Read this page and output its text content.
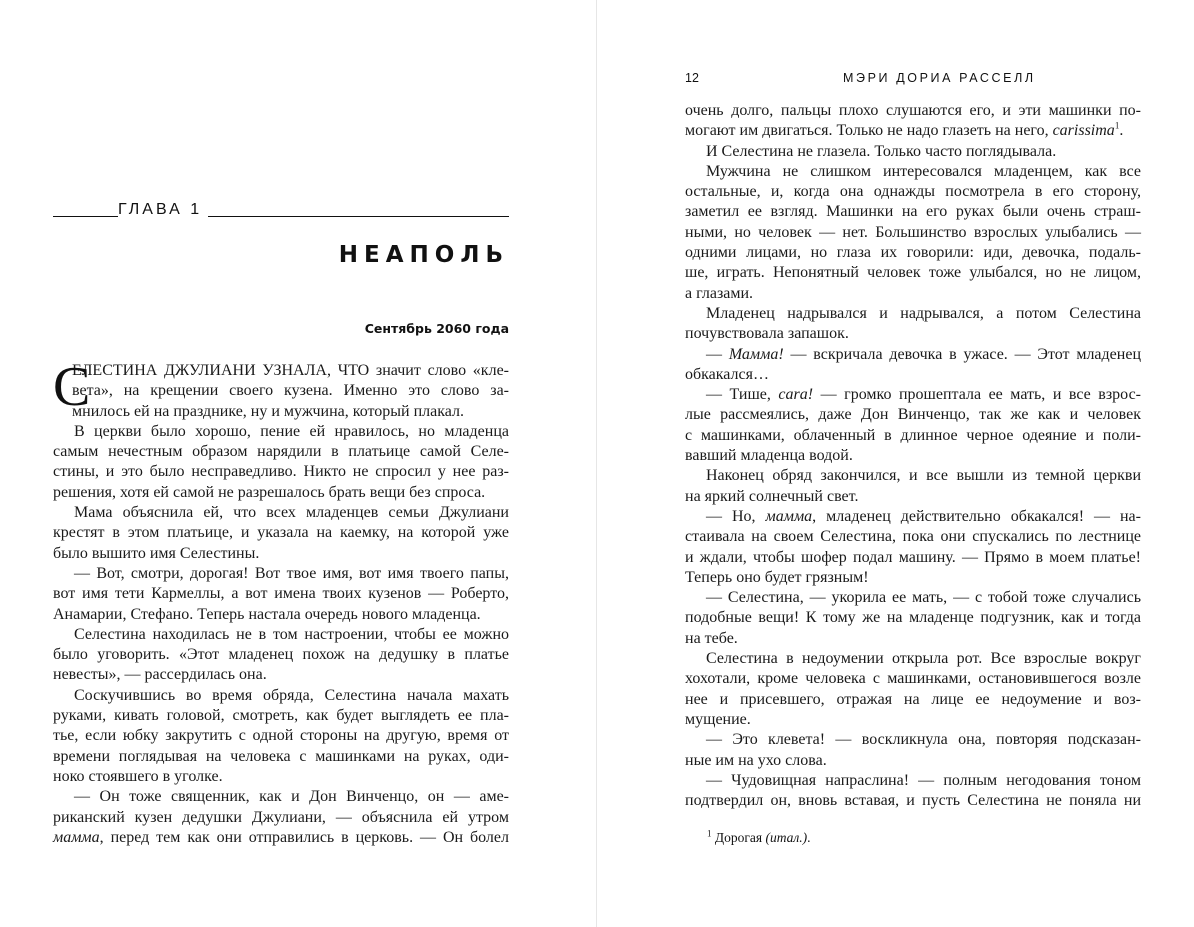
ГЛАВА 1
НЕАПОЛЬ
Сентябрь 2060 года
С
ЕЛЕСТИНА ДЖУЛИАНИ УЗНАЛА, ЧТО значит слово «кле-
вета», на крещении своего кузена. Именно это слово за-
мнилось ей на празднике, ну и мужчина, который плакал.
В церкви было хорошо, пение ей нравилось, но младенца
самым нечестным образом нарядили в платьице самой Селе-
стины, и это было несправедливо. Никто не спросил у нее раз-
решения, хотя ей самой не разрешалось брать вещи без спроса.
Мама объяснила ей, что всех младенцев семьи Джулиани
крестят в этом платьице, и указала на каемку, на которой уже
было вышито имя Селестины.
— Вот, смотри, дорогая! Вот твое имя, вот имя твоего папы,
вот имя тети Кармеллы, а вот имена твоих кузенов — Роберто,
Анамарии, Стефано. Теперь настала очередь нового младенца.
Селестина находилась не в том настроении, чтобы ее можно
было уговорить. «Этот младенец похож на дедушку в платье
невесты», — рассердилась она.
Соскучившись во время обряда, Селестина начала махать
руками, кивать головой, смотреть, как будет выглядеть ее пла-
тье, если юбку закрутить с одной стороны на другую, время от
времени поглядывая на человека с машинками на руках, оди-
ноко стоявшего в уголке.
— Он тоже священник, как и Дон Винченцо, он — аме-
риканский кузен дедушки Джулиани, — объяснила ей утром
мамма, перед тем как они отправились в церковь. — Он болел
12	МЭРИ ДОРИА РАССЕЛЛ
очень долго, пальцы плохо слушаются его, и эти машинки по-
могают им двигаться. Только не надо глазеть на него, carissima$^1$.
И Селестина не глазела. Только часто поглядывала.
Мужчина не слишком интересовался младенцем, как все
остальные, и, когда она однажды посмотрела в его сторону,
заметил ее взгляд. Машинки на его руках были очень страш-
ными, но человек — нет. Большинство взрослых улыбались —
одними лицами, но глаза их говорили: иди, девочка, подаль-
ше, играть. Непонятный человек тоже улыбался, но не лицом,
а глазами.
Младенец надрывался и надрывался, а потом Селестина
почувствовала запашок.
— Мамма! — вскричала девочка в ужасе. — Этот младенец
обкакался…
— Тише, cara! — громко прошептала ее мать, и все взрос-
лые рассмеялись, даже Дон Винченцо, так же как и человек
с машинками, облаченный в длинное черное одеяние и поли-
вавший младенца водой.
Наконец обряд закончился, и все вышли из темной церкви
на яркий солнечный свет.
— Но, мамма, младенец действительно обкакался! — на-
стаивала на своем Селестина, пока они спускались по лестнице
и ждали, чтобы шофер подал машину. — Прямо в моем платье!
Теперь оно будет грязным!
— Селестина, — укорила ее мать, — с тобой тоже случались
подобные вещи! К тому же на младенце подгузник, как и тогда
на тебе.
Селестина в недоумении открыла рот. Все взрослые вокруг
хохотали, кроме человека с машинками, остановившегося возле
нее и присевшего, отражая на лице ее недоумение и воз-
мущение.
— Это клевета! — воскликнула она, повторяя подсказан-
ные им на ухо слова.
— Чудовищная напраслина! — полным негодования тоном
подтвердил он, вновь вставая, и пусть Селестина не поняла ни
$^1$ Дорогая (итал.).
